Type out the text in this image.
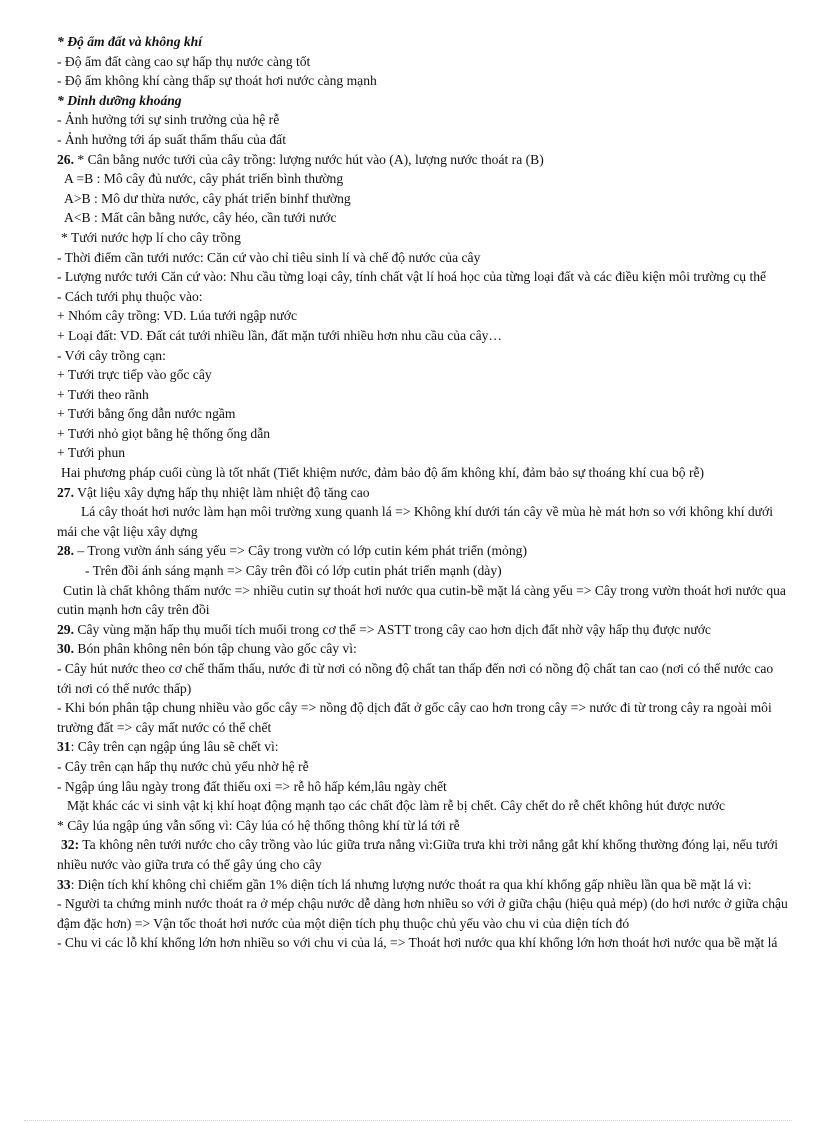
* Độ ẩm đất và không khí
- Độ ẩm đất càng cao sự hấp thụ nước càng tốt
- Độ ẩm không khí càng thấp sự thoát hơi nước càng mạnh
* Dinh dưỡng khoáng
- Ảnh hưởng tới sự sinh trưởng của hệ rễ
- Ảnh hưởng tới áp suất thẩm thấu của đất
26. * Cân bằng nước tưới của cây trồng: lượng nước hút vào (A), lượng nước thoát ra (B)
A =B : Mô cây đủ nước, cây phát triển bình thường
A>B : Mô dư thừa nước, cây phát triển binhf thường
A<B : Mất cân bằng nước, cây héo, cần tưới nước
* Tưới nước hợp lí cho cây trồng
- Thời điểm cần tưới nước: Căn cứ vào chỉ tiêu sinh lí và chế độ nước của cây
- Lượng nước tưới Căn cứ vào: Nhu cầu từng loại cây, tính chất vật lí hoá học của từng loại đất và các điều kiện môi trường cụ thể
- Cách tưới phụ thuộc vào:
+ Nhóm cây trồng: VD. Lúa tưới ngập nước
+ Loại đất: VD. Đất cát tưới nhiều lần, đất mặn tưới nhiều hơn nhu cầu của cây…
- Với cây trồng cạn:
+ Tưới trực tiếp vào gốc cây
+ Tưới theo rãnh
+ Tưới bằng ống dẫn nước ngầm
+ Tưới nhỏ giọt bằng hệ thống ống dẫn
+ Tưới phun
Hai phương pháp cuối cùng là tốt nhất (Tiết khiệm nước, đảm bảo độ ẩm không khí, đảm bảo sự thoáng khí cua bộ rễ)
27. Vật liệu xây dựng hấp thụ nhiệt làm nhiệt độ tăng cao
Lá cây thoát hơi nước làm hạn môi trường xung quanh lá => Không khí dưới tán cây về mùa hè mát hơn so với không khí dưới mái che vật liệu xây dựng
28. – Trong vườn ánh sáng yếu => Cây trong vườn có lớp cutin kém phát triển (mỏng)
- Trên đồi ánh sáng mạnh => Cây trên đồi có lớp cutin phát triển mạnh (dày)
Cutin là chất không thấm nước => nhiều cutin sự thoát hơi nước qua cutin-bề mặt lá càng yếu => Cây trong vườn thoát hơi nước qua cutin mạnh hơn cây trên đồi
29. Cây vùng mặn hấp thụ muối tích muối trong cơ thể => ASTT trong cây cao hơn dịch đất nhờ vậy hấp thụ được nước
30. Bón phân không nên bón tập chung vào gốc cây vì:
- Cây hút nước theo cơ chế thẩm thấu, nước đi từ nơi có nồng độ chất tan thấp đến nơi có nồng độ chất tan cao (nơi có thế nước cao tới nơi có thế nước thấp)
- Khi bón phân tập chung nhiều vào gốc cây => nồng độ dịch đất ở gốc cây cao hơn trong cây => nước đi từ trong cây ra ngoài môi trường đất => cây mất nước có thể chết
31: Cây trên cạn ngập úng lâu sẽ chết vì:
- Cây trên cạn hấp thụ nước chủ yếu nhờ hệ rễ
- Ngập úng lâu ngày trong đất thiếu oxi => rễ hô hấp kém,lâu ngày chết
Mặt khác các vi sinh vật kị khí hoạt động mạnh tạo các chất độc làm rễ bị chết. Cây chết do rễ chết không hút được nước
* Cây lúa ngập úng vẫn sống vì: Cây lúa có hệ thống thông khí từ lá tới rễ
32: Ta không nên tưới nước cho cây trồng vào lúc giữa trưa nắng vì:Giữa trưa khi trời nắng gắt khí khổng thường đóng lại, nếu tưới nhiều nước vào giữa trưa có thể gây úng cho cây
33: Diện tích khí không chỉ chiếm gần 1% diện tích lá nhưng lượng nước thoát ra qua khí khổng gấp nhiều lần qua bề mặt lá vì:
- Người ta chứng minh nước thoát ra ở mép chậu nước dễ dàng hơn nhiều so với ở giữa chậu (hiệu quả mép) (do hơi nước ở giữa chậu đậm đặc hơn) => Vận tốc thoát hơi nước của một diện tích phụ thuộc chủ yếu vào chu vi của diện tích đó
- Chu vi các lỗ khí khổng lớn hơn nhiều so với chu vi của lá, => Thoát hơi nước qua khí khổng lớn hơn thoát hơi nước qua bề mặt lá
